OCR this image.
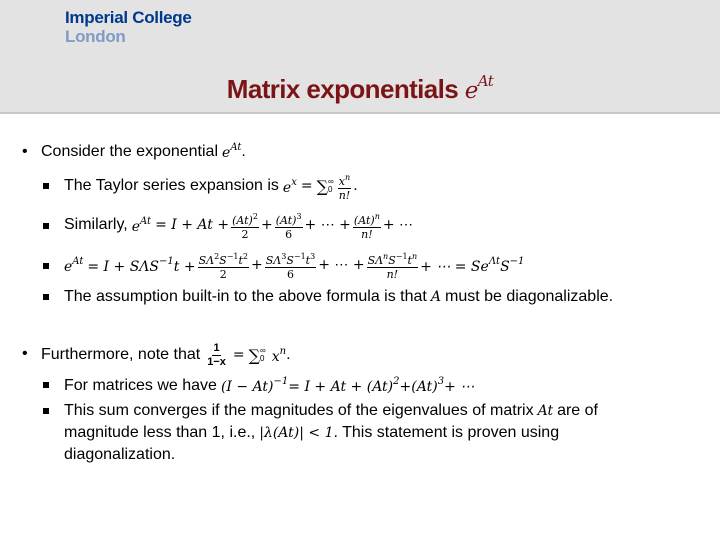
Imperial College
London
Matrix exponentials $e^{At}$
• Consider the exponential $e^{At}$ .
The Taylor series expansion is $e^x$ = ∑ ∞
$0 \frac{x^n}{n!}$ .
Similarly, $e^{At} = I + At + \frac{(At)^2}{2} + \frac{(At)^3}{6}$ + ⋯ + $\frac{(At)^n}{n!}$ + ⋯
$e^{At} = I + S\Lambda S^{-1}t + \frac{S\Lambda^2S^{-1}t^2}{2} + \frac{S\Lambda^3S^{-1}t^3}{6}$ + ⋯ + $\frac{S\Lambda^nS^{-1}t^n}{n!}$ + ⋯ = $Se^{\Lambda t}S^{-1}$
The assumption built-in to the above formula is that A must be diagonalizable.
• Furthermore, note that $\frac{1}{1-x}$ = ∑ ∞
0 $x^n$ .
For matrices we have $(I - At)^{-1}= I + At + (At)^2+(At)^3+$ ⋯
This sum converges if the magnitudes of the eigenvalues of matrix At are of
magnitude less than 1, i.e., |λ(At)| < 1 . This statement is proven using
diagonalization.
